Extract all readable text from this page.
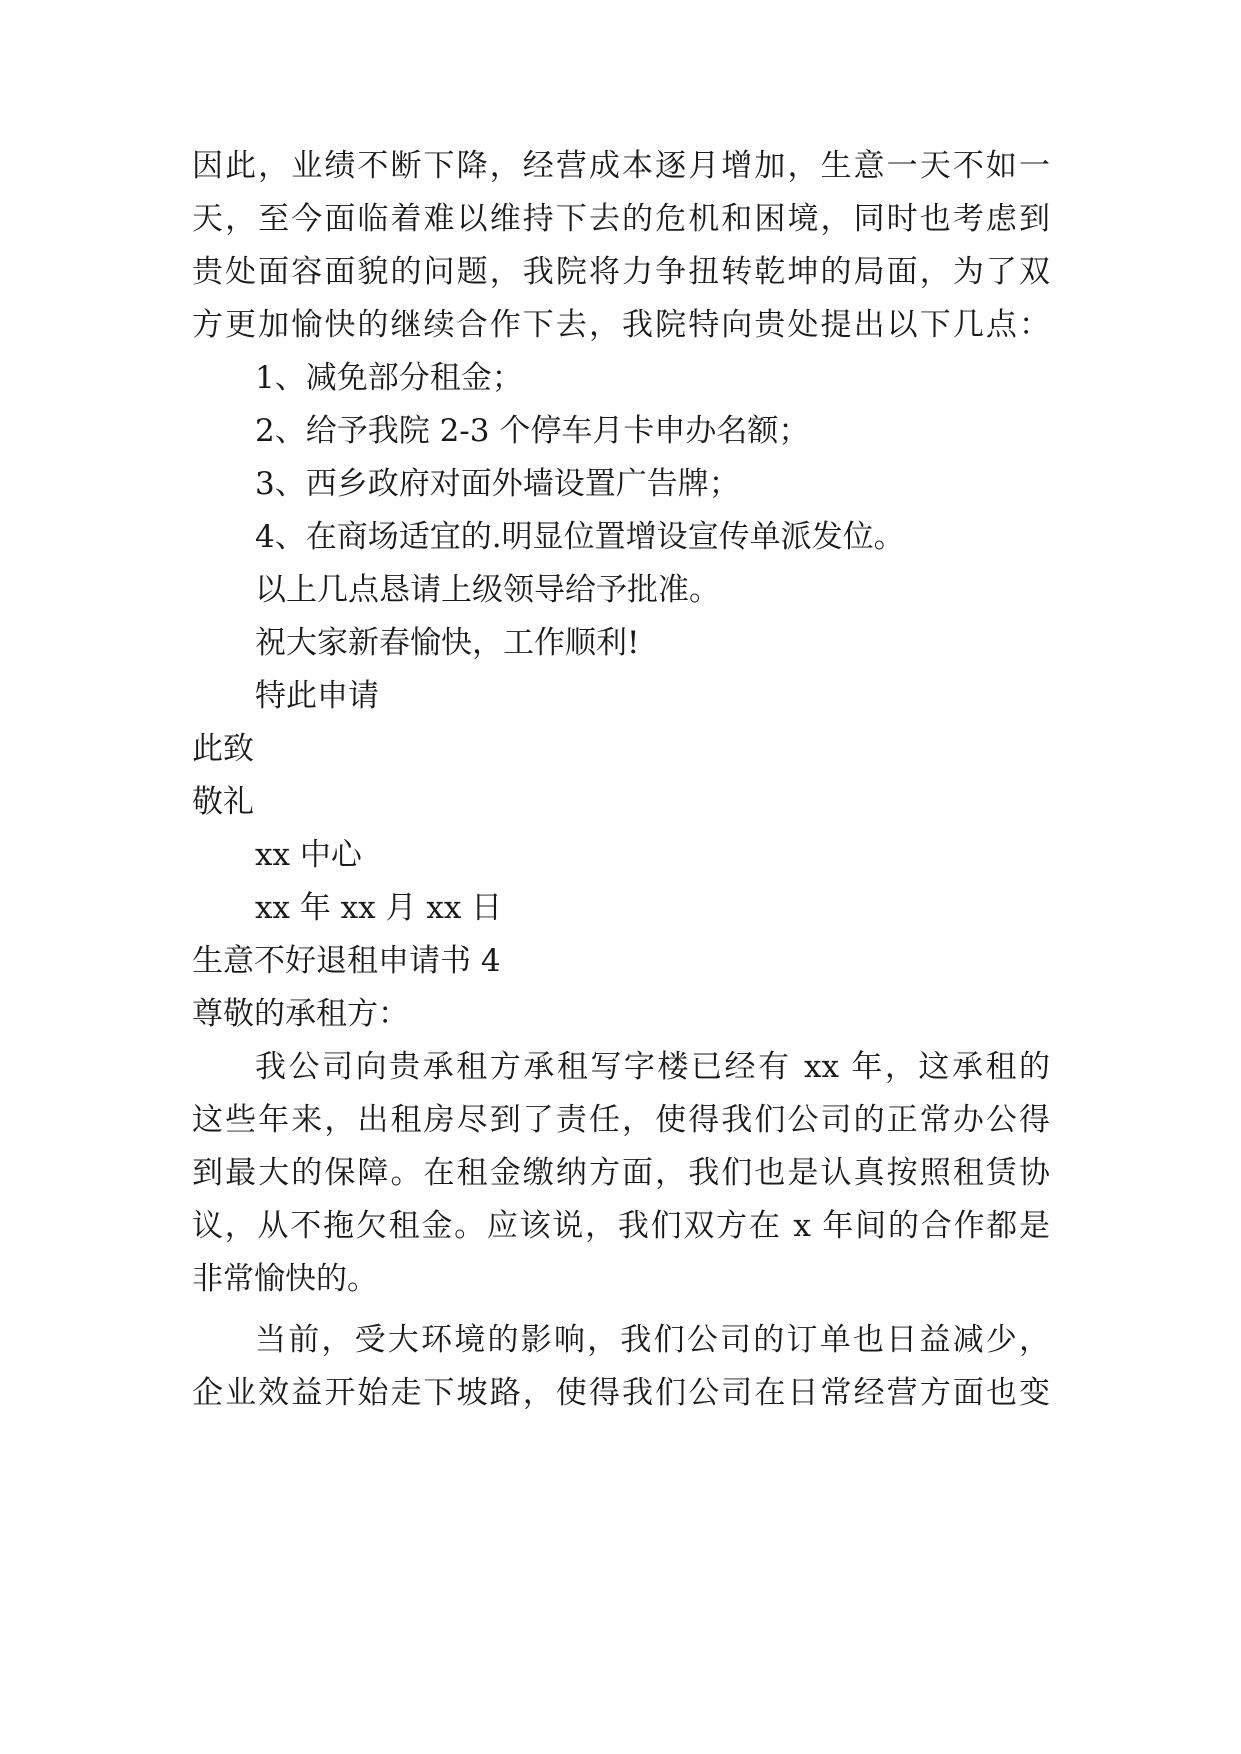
因此，业绩不断下降，经营成本逐月增加，生意一天不如一
天，至今面临着难以维持下去的危机和困境，同时也考虑到
贵处面容面貌的问题，我院将力争扭转乾坤的局面，为了双
方更加愉快的继续合作下去，我院特向贵处提出以下几点：
1、减免部分租金；
2、给予我院 2-3 个停车月卡申办名额；
3、西乡政府对面外墙设置广告牌；
4、在商场适宜的.明显位置增设宣传单派发位。
以上几点恳请上级领导给予批准。
祝大家新春愉快，工作顺利!
特此申请
此致
敬礼
xx 中心
xx 年 xx 月 xx 日
生意不好退租申请书 4
尊敬的承租方：
我公司向贵承租方承租写字楼已经有 xx 年，这承租的
这些年来，出租房尽到了责任，使得我们公司的正常办公得
到最大的保障。在租金缴纳方面，我们也是认真按照租赁协
议，从不拖欠租金。应该说，我们双方在 x 年间的合作都是
非常愉快的。
当前，受大环境的影响，我们公司的订单也日益减少，
企业效益开始走下坡路，使得我们公司在日常经营方面也变
